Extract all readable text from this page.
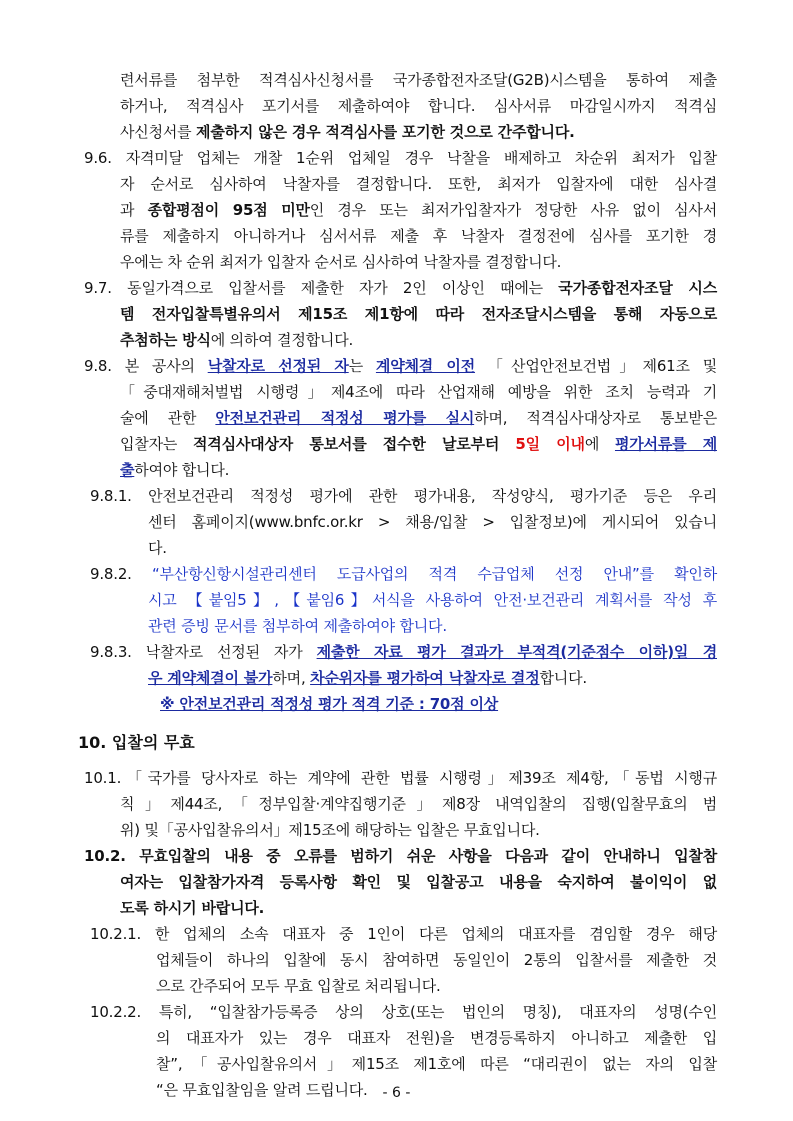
련서류를 첨부한 적격심사신청서를 국가종합전자조달(G2B)시스템을 통하여 제출
하거나, 적격심사 포기서를 제출하여야 합니다. 심사서류 마감일시까지 적격심
사신청서를 제출하지 않은 경우 적격심사를 포기한 것으로 간주합니다.
9.6. 자격미달 업체는 개찰 1순위 업체일 경우 낙찰을 배제하고 차순위 최저가 입찰
자 순서로 심사하여 낙찰자를 결정합니다. 또한, 최저가 입찰자에 대한 심사결
과 종합평점이 95점 미만인 경우 또는 최저가입찰자가 정당한 사유 없이 심사서
류를 제출하지 아니하거나 심서서류 제출 후 낙찰자 결정전에 심사를 포기한 경
우에는 차 순위 최저가 입찰자 순서로 심사하여 낙찰자를 결정합니다.
9.7. 동일가격으로 입찰서를 제출한 자가 2인 이상인 때에는 국가종합전자조달 시스
템 전자입찰특별유의서 제15조 제1항에 따라 전자조달시스템을 통해 자동으로
추첨하는 방식에 의하여 결정합니다.
9.8. 본 공사의 낙찰자로 선정된 자는 계약체결 이전 「산업안전보건법」제61조 및
「중대재해처벌법 시행령」제4조에 따라 산업재해 예방을 위한 조치 능력과 기
술에 관한 안전보건관리 적정성 평가를 실시하며, 적격심사대상자로 통보받은
입찰자는 적격심사대상자 통보서를 접수한 날로부터 5일 이내에 평가서류를 제
출하여야 합니다.
9.8.1. 안전보건관리 적정성 평가에 관한 평가내용, 작성양식, 평가기준 등은 우리
센터 홈페이지(www.bnfc.or.kr > 채용/입찰 > 입찰정보)에 게시되어 있습니
다.
9.8.2. “부산항신항시설관리센터 도급사업의 적격 수급업체 선정 안내”를 확인하
시고 【붙임5】,【붙임6】서식을 사용하여 안전·보건관리 계획서를 작성 후
관련 증빙 문서를 첨부하여 제출하여야 합니다.
9.8.3. 낙찰자로 선정된 자가 제출한 자료 평가 결과가 부적격(기준점수 이하)일 경
우 계약체결이 불가하며, 차순위자를 평가하여 낙찰자로 결정합니다.
※ 안전보건관리 적정성 평가 적격 기준 : 70점 이상
10.1.「국가를 당사자로 하는 계약에 관한 법률 시행령」제39조 제4항,「동법 시행규
칙」제44조,「정부입찰·계약집행기준」제8장 내역입찰의 집행(입찰무효의 범
위) 및「공사입찰유의서」제15조에 해당하는 입찰은 무효입니다.
10.2. 무효입찰의 내용 중 오류를 범하기 쉬운 사항을 다음과 같이 안내하니 입찰참
여자는 입찰참가자격 등록사항 확인 및 입찰공고 내용을 숙지하여 불이익이 없
도록 하시기 바랍니다.
10.2.1. 한 업체의 소속 대표자 중 1인이 다른 업체의 대표자를 겸임할 경우 해당
업체들이 하나의 입찰에 동시 참여하면 동일인이 2통의 입찰서를 제출한 것
으로 간주되어 모두 무효 입찰로 처리됩니다.
10.2.2. 특히, “입찰참가등록증 상의 상호(또는 법인의 명칭), 대표자의 성명(수인
의 대표자가 있는 경우 대표자 전원)을 변경등록하지 아니하고 제출한 입
찰”,「공사입찰유의서」제15조 제1호에 따른 “대리권이 없는 자의 입찰
“은 무효입찰임을 알려 드립니다.
10. 입찰의 무효
- 6 -
